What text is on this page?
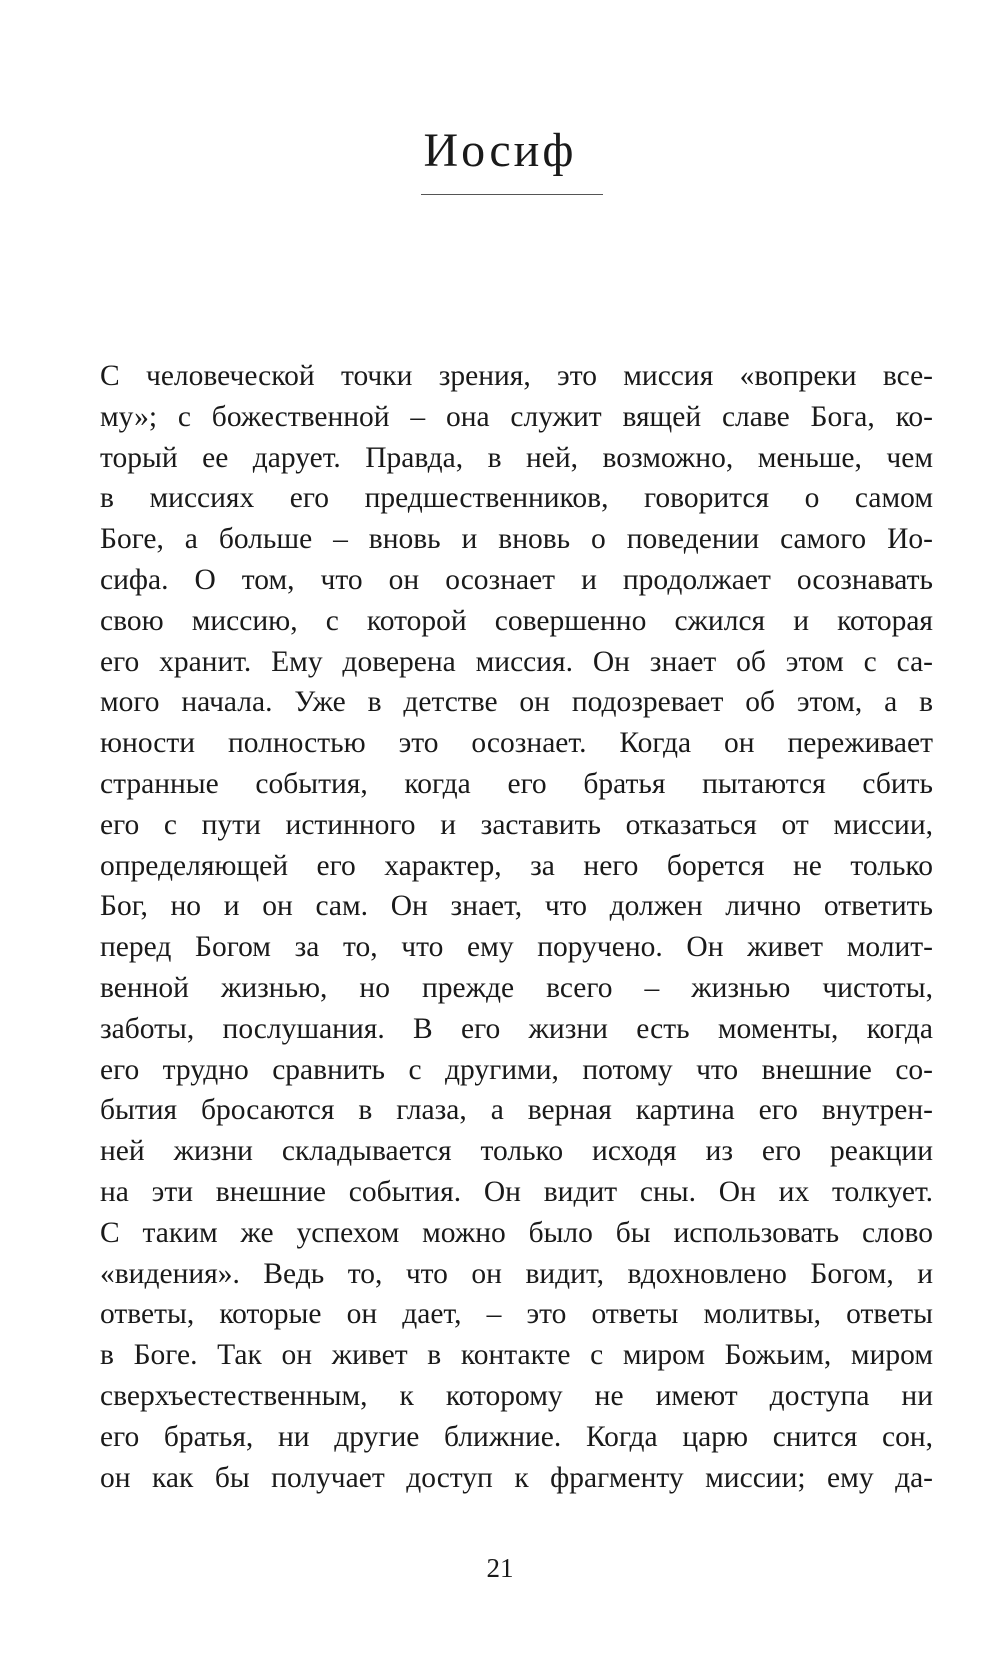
Иосиф
С человеческой точки зрения, это миссия «вопреки все-
му»; с божественной – она служит вящей славе Бога, ко-
торый ее дарует. Правда, в ней, возможно, меньше, чем
в миссиях его предшественников, говорится о самом
Боге, а больше – вновь и вновь о поведении самого Ио-
сифа. О том, что он осознает и продолжает осознавать
свою миссию, с которой совершенно сжился и которая
его хранит. Ему доверена миссия. Он знает об этом с са-
мого начала. Уже в детстве он подозревает об этом, а в
юности полностью это осознает. Когда он переживает
странные события, когда его братья пытаются сбить
его с пути истинного и заставить отказаться от миссии,
определяющей его характер, за него борется не только
Бог, но и он сам. Он знает, что должен лично ответить
перед Богом за то, что ему поручено. Он живет молит-
венной жизнью, но прежде всего – жизнью чистоты,
заботы, послушания. В его жизни есть моменты, когда
его трудно сравнить с другими, потому что внешние со-
бытия бросаются в глаза, а верная картина его внутрен-
ней жизни складывается только исходя из его реакции
на эти внешние события. Он видит сны. Он их толкует.
С таким же успехом можно было бы использовать слово
«видения». Ведь то, что он видит, вдохновлено Богом, и
ответы, которые он дает, – это ответы молитвы, ответы
в Боге. Так он живет в контакте с миром Божьим, миром
сверхъестественным, к которому не имеют доступа ни
его братья, ни другие ближние. Когда царю снится сон,
он как бы получает доступ к фрагменту миссии; ему да-
21
